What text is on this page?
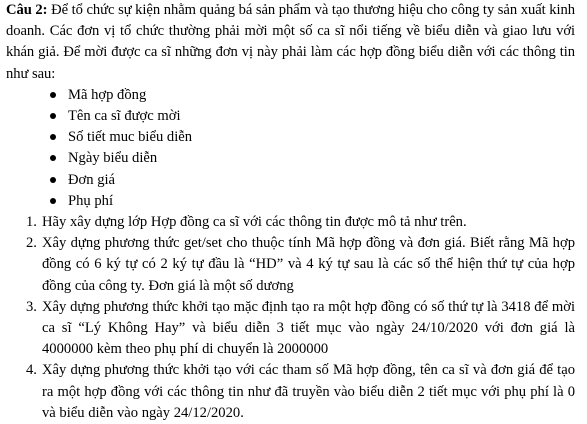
Câu 2: Để tổ chức sự kiện nhằm quảng bá sản phẩm và tạo thương hiệu cho công ty sản xuất kinh doanh. Các đơn vị tổ chức thường phải mời một số ca sĩ nổi tiếng về biểu diễn và giao lưu với khán giả. Để mời được ca sĩ những đơn vị này phải làm các hợp đồng biểu diễn với các thông tin như sau:

Mã hợp đồng
Tên ca sĩ được mời
Số tiết muc biểu diễn
Ngày biểu diễn
Đơn giá
Phụ phí
1. Hãy xây dựng lớp Hợp đồng ca sĩ với các thông tin được mô tả như trên.
2. Xây dựng phương thức get/set cho thuộc tính Mã hợp đồng và đơn giá. Biết rằng Mã hợp đồng có 6 ký tự có 2 ký tự đầu là “HD” và 4 ký tự sau là các số thể hiện thứ tự của hợp đồng của công ty. Đơn giá là một số dương
3. Xây dựng phương thức khởi tạo mặc định tạo ra một hợp đồng có số thứ tự là 3418 để mời ca sĩ “Lý Không Hay” và biểu diễn 3 tiết mục vào ngày 24/10/2020 với đơn giá là 4000000 kèm theo phụ phí di chuyển là 2000000
4. Xây dựng phương thức khởi tạo với các tham số Mã hợp đồng, tên ca sĩ và đơn giá để tạo ra một hợp đồng với các thông tin như đã truyền vào biểu diễn 2 tiết mục với phụ phí là 0 và biểu diễn vào ngày 24/12/2020.
